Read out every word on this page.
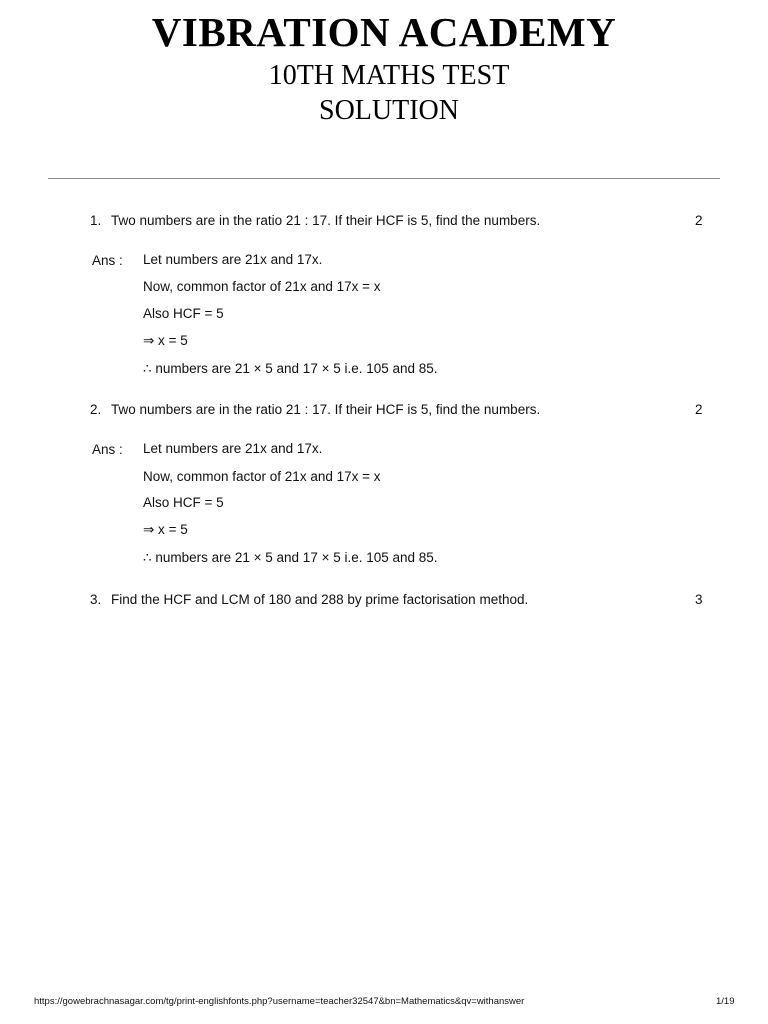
VIBRATION ACADEMY
10TH MATHS TEST
SOLUTION
1. Two numbers are in the ratio 21 : 17. If their HCF is 5, find the numbers.	2
Ans : Let numbers are 21x and 17x.
Now, common factor of 21x and 17x = x
Also HCF = 5
⇒ x = 5
∴ numbers are 21 × 5 and 17 × 5 i.e. 105 and 85.
2. Two numbers are in the ratio 21 : 17. If their HCF is 5, find the numbers.	2
Ans : Let numbers are 21x and 17x.
Now, common factor of 21x and 17x = x
Also HCF = 5
⇒ x = 5
∴ numbers are 21 × 5 and 17 × 5 i.e. 105 and 85.
3. Find the HCF and LCM of 180 and 288 by prime factorisation method.	3
https://gowebrachnasagar.com/tg/print-englishfonts.php?username=teacher32547&bn=Mathematics&qv=withanswer	1/19
